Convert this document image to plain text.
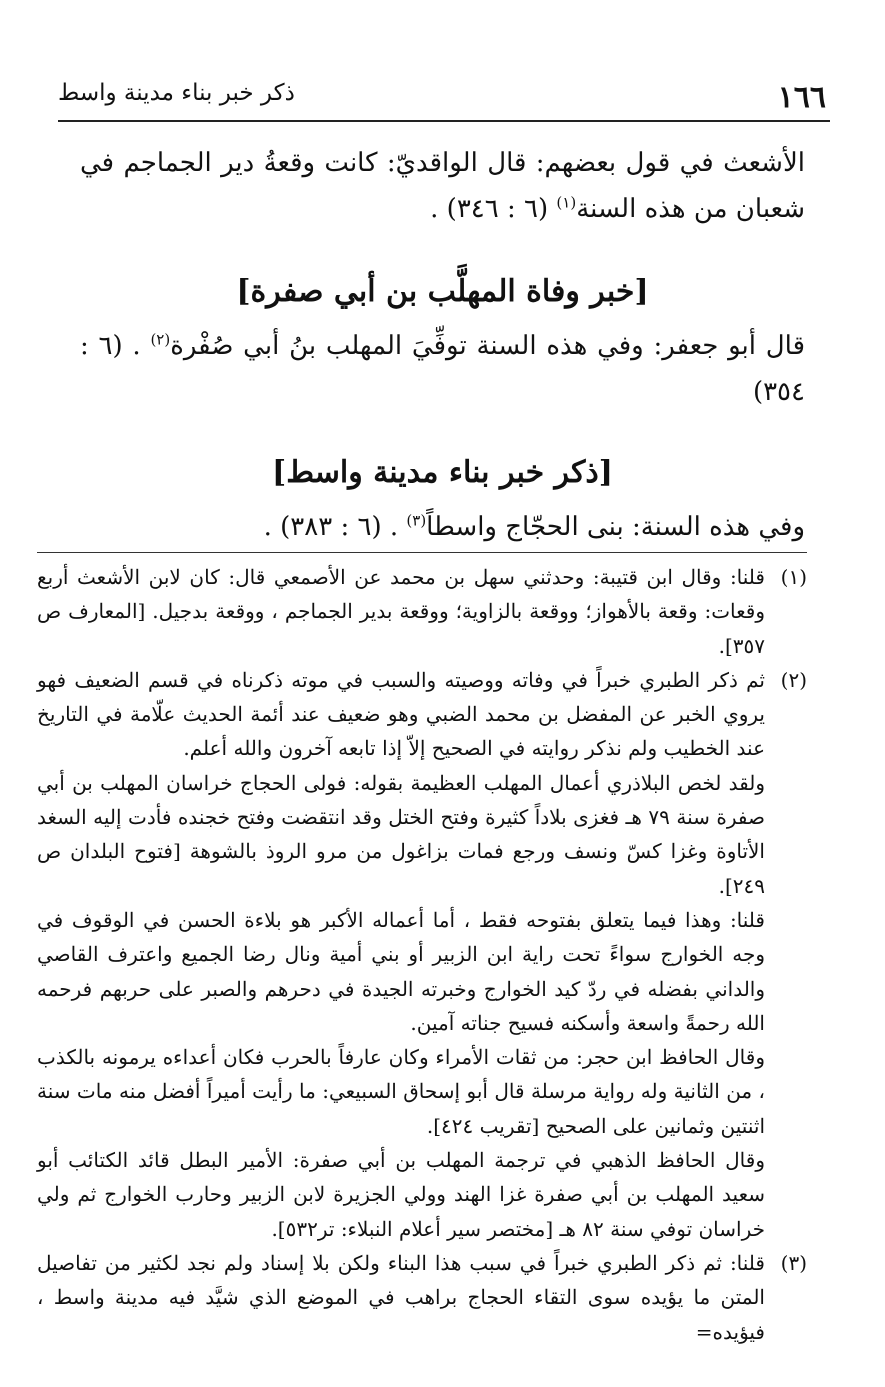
١٦٦
ذكر خبر بناء مدينة واسط

الأشعث في قول بعضهم: قال الواقديّ: كانت وقعةُ دير الجماجم في شعبان من هذه السنة$^{(١)}$ (٦ : ٣٤٦) .

[خبر وفاة المهلَّب بن أبي صفرة]

قال أبو جعفر: وفي هذه السنة توفِّيَ المهلب بنُ أبي صُفْرة$^{(٢)}$ . (٦ : ٣٥٤)

[ذكر خبر بناء مدينة واسط]

وفي هذه السنة: بنى الحجّاج واسطاً$^{(٣)}$ . (٦ : ٣٨٣) .

(١)

قلنا: وقال ابن قتيبة: وحدثني سهل بن محمد عن الأصمعي قال: كان لابن الأشعث أربع وقعات: وقعة بالأهواز؛ ووقعة بالزاوية؛ ووقعة بدير الجماجم ، ووقعة بدجيل. [المعارف ص ٣٥٧].

(٢)

ثم ذكر الطبري خبراً في وفاته ووصيته والسبب في موته ذكرناه في قسم الضعيف فهو يروي الخبر عن المفضل بن محمد الضبي وهو ضعيف عند أئمة الحديث علّامة في التاريخ عند الخطيب ولم نذكر روايته في الصحيح إلاّ إذا تابعه آخرون والله أعلم.

ولقد لخص البلاذري أعمال المهلب العظيمة بقوله: فولى الحجاج خراسان المهلب بن أبي صفرة سنة ٧٩ هـ فغزى بلاداً كثيرة وفتح الختل وقد انتقضت وفتح خجنده فأدت إليه السغد الأتاوة وغزا كسّ ونسف ورجع فمات بزاغول من مرو الروذ بالشوهة [فتوح البلدان ص ٢٤٩].

قلنا: وهذا فيما يتعلق بفتوحه فقط ، أما أعماله الأكبر هو بلاءة الحسن في الوقوف في وجه الخوارج سواءً تحت راية ابن الزبير أو بني أمية ونال رضا الجميع واعترف القاصي والداني بفضله في ردّ كيد الخوارج وخبرته الجيدة في دحرهم والصبر على حربهم فرحمه الله رحمةً واسعة وأسكنه فسيح جناته آمين.

وقال الحافظ ابن حجر: من ثقات الأمراء وكان عارفاً بالحرب فكان أعداءه يرمونه بالكذب ، من الثانية وله رواية مرسلة قال أبو إسحاق السبيعي: ما رأيت أميراً أفضل منه مات سنة اثنتين وثمانين على الصحيح [تقريب ٤٢٤].

وقال الحافظ الذهبي في ترجمة المهلب بن أبي صفرة: الأمير البطل قائد الكتائب أبو سعيد المهلب بن أبي صفرة غزا الهند وولي الجزيرة لابن الزبير وحارب الخوارج ثم ولي خراسان توفي سنة ٨٢ هـ [مختصر سير أعلام النبلاء: تر٥٣٢].

(٣)

قلنا: ثم ذكر الطبري خبراً في سبب هذا البناء ولكن بلا إسناد ولم نجد لكثير من تفاصيل المتن ما يؤيده سوى التقاء الحجاج براهب في الموضع الذي شيَّد فيه مدينة واسط ، فيؤيده=
